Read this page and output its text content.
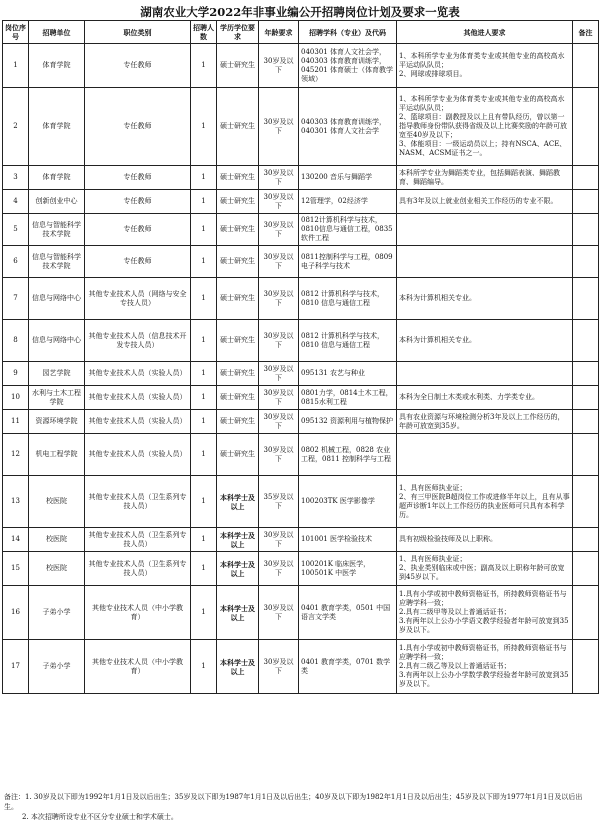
湖南农业大学2022年非事业编公开招聘岗位计划及要求一览表
岗位序号	招聘单位	职位类别	招聘人数	学历学位要求	年龄要求	招聘学科（专业）及代码	其他进人要求	备注
1	体育学院	专任教师	1	硕士研究生	30岁及以下	040301 体育人文社会学，040303 体育教育训练学，045201 体育硕士（体育教学领域）	1、本科所学专业为体育类专业或其他专业的高校高水平运动队队员；
2、网球或排球项目。	
2	体育学院	专任教师	1	硕士研究生	30岁及以下	040303 体育教育训练学，040301 体育人文社会学	1、本科所学专业为体育类专业或其他专业的高校高水平运动队队员；
2、篮球项目：副教授及以上且有带队经历，曾以第一指导教师身份带队获得省级及以上比赛奖励的年龄可放宽至40岁及以下；
3、体能项目：一级运动员以上；持有NSCA、ACE、NASM、ACSM证书之一。	
3	体育学院	专任教师	1	硕士研究生	30岁及以下	130200 音乐与舞蹈学	本科所学专业为舞蹈类专业，包括舞蹈表演、舞蹈教育、舞蹈编导。	
4	创新创业中心	专任教师	1	硕士研究生	30岁及以下	12管理学，02经济学	具有3年及以上就业创业相关工作经历的专业不限。	
5	信息与智能科学技术学院	专任教师	1	硕士研究生	30岁及以下	0812计算机科学与技术，0810信息与通信工程，0835软件工程		
6	信息与智能科学技术学院	专任教师	1	硕士研究生	30岁及以下	0811控制科学与工程，0809电子科学与技术		
7	信息与网络中心	其他专业技术人员（网络与安全专技人员）	1	硕士研究生	30岁及以下	0812 计算机科学与技术，0810 信息与通信工程	本科为计算机相关专业。	
8	信息与网络中心	其他专业技术人员（信息技术开发专技人员）	1	硕士研究生	30岁及以下	0812 计算机科学与技术，0810 信息与通信工程	本科为计算机相关专业。	
9	园艺学院	其他专业技术人员（实验人员）	1	硕士研究生	30岁及以下	095131 农艺与种业		
10	水利与土木工程学院	其他专业技术人员（实验人员）	1	硕士研究生	30岁及以下	0801力学，0814土木工程，0815水利工程	本科为全日制土木类或水利类、力学类专业。	
11	资源环境学院	其他专业技术人员（实验人员）	1	硕士研究生	30岁及以下	095132 资源利用与植物保护	具有农业资源与环境检测分析3年及以上工作经历的，年龄可放宽到35岁。	
12	机电工程学院	其他专业技术人员（实验人员）	1	硕士研究生	30岁及以下	0802 机械工程，0828 农业工程，0811 控制科学与工程		
13	校医院	其他专业技术人员（卫生系列专技人员）	1	本科学士及以上	35岁及以下	100203TK 医学影像学	1、具有医师执业证；
2、有三甲医院B超岗位工作或进修半年以上，且有从事超声诊断1年以上工作经历的执业医师可只具有本科学历。	
14	校医院	其他专业技术人员（卫生系列专技人员）	1	本科学士及以上	30岁及以下	101001 医学检验技术	具有初级检验技师及以上职称。	
15	校医院	其他专业技术人员（卫生系列专技人员）	1	本科学士及以上	30岁及以下	100201K 临床医学，100501K 中医学	1、具有医师执业证；
2、执业类别临床或中医；副高及以上职称年龄可放宽到45岁以下。	
16	子弟小学	其他专业技术人员（中小学教育）	1	本科学士及以上	30岁及以下	0401 教育学类，0501 中国语言文学类	1.具有小学或初中教师资格证书，所持教师资格证书与应聘学科一致；
2.具有二级甲等及以上普通话证书；
3.有两年以上公办小学语文教学经验者年龄可放宽到35岁及以下。	
17	子弟小学	其他专业技术人员（中小学教育）	1	本科学士及以上	30岁及以下	0401 教育学类，0701 数学类	1.具有小学或初中教师资格证书，所持教师资格证书与应聘学科一致；
2.具有二级乙等及以上普通话证书；
3.有两年以上公办小学数学教学经验者年龄可放宽到35岁及以下。	
备注：1. 30岁及以下即为1992年1月1日及以后出生；35岁及以下即为1987年1月1日及以后出生；40岁及以下即为1982年1月1日及以后出生；45岁及以下即为1977年1月1日及以后出生。
2. 本次招聘所设专业不区分专业硕士和学术硕士。
